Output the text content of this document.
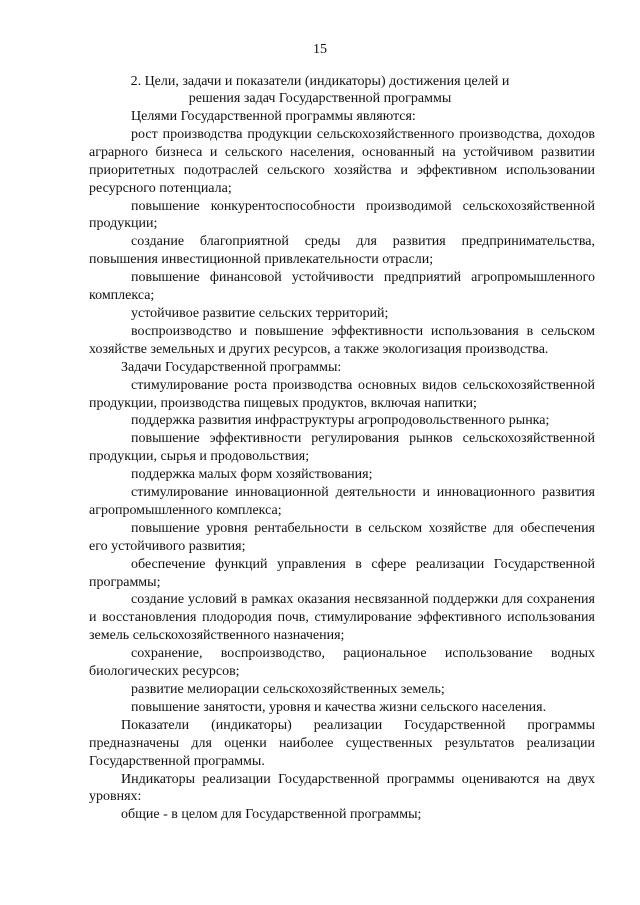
15
2. Цели, задачи и показатели (индикаторы) достижения целей и
решения задач Государственной программы

Целями Государственной программы являются:

рост производства продукции сельскохозяйственного производства, доходов аграрного бизнеса и сельского населения, основанный на устойчивом развитии приоритетных подотраслей сельского хозяйства и эффективном использовании ресурсного потенциала;

повышение конкурентоспособности производимой сельскохозяйственной продукции;

создание благоприятной среды для развития предпринимательства, повышения инвестиционной привлекательности отрасли;

повышение финансовой устойчивости предприятий агропромышленного комплекса;

устойчивое развитие сельских территорий;

воспроизводство и повышение эффективности использования в сельском хозяйстве земельных и других ресурсов, а также экологизация производства.

Задачи Государственной программы:

стимулирование роста производства основных видов сельскохозяйственной продукции, производства пищевых продуктов, включая напитки;

поддержка развития инфраструктуры агропродовольственного рынка;

повышение эффективности регулирования рынков сельскохозяйственной продукции, сырья и продовольствия;

поддержка малых форм хозяйствования;

стимулирование инновационной деятельности и инновационного развития агропромышленного комплекса;

повышение уровня рентабельности в сельском хозяйстве для обеспечения его устойчивого развития;

обеспечение функций управления в сфере реализации Государственной программы;

создание условий в рамках оказания несвязанной поддержки для сохранения и восстановления плодородия почв, стимулирование эффективного использования земель сельскохозяйственного назначения;

сохранение, воспроизводство, рациональное использование водных биологических ресурсов;

развитие мелиорации сельскохозяйственных земель;

повышение занятости, уровня и качества жизни сельского населения.

Показатели (индикаторы) реализации Государственной программы предназначены для оценки наиболее существенных результатов реализации Государственной программы.

Индикаторы реализации Государственной программы оцениваются на двух уровнях:

общие - в целом для Государственной программы;
